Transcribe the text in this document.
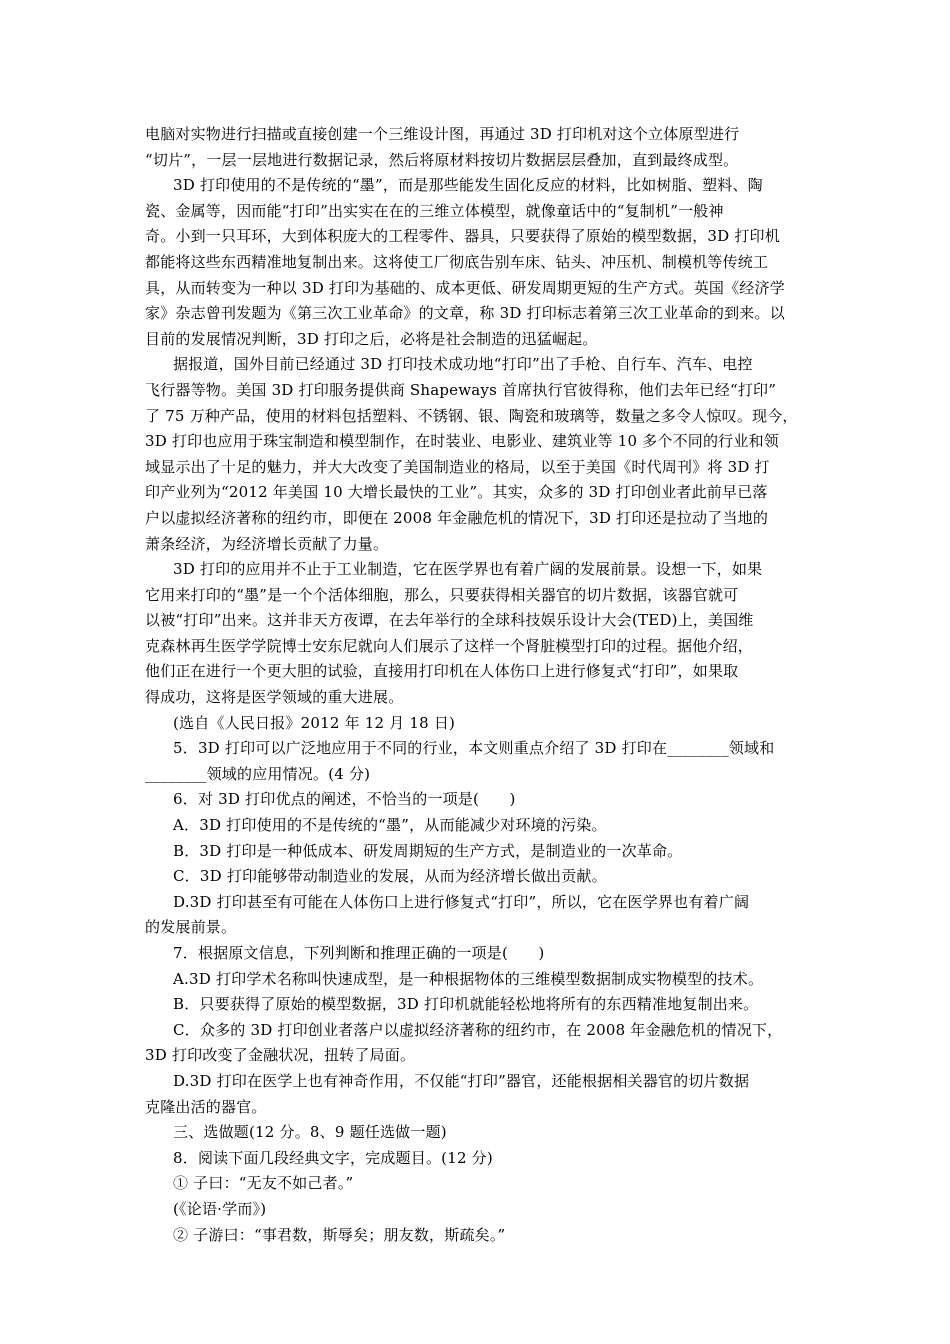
电脑对实物进行扫描或直接创建一个三维设计图，再通过 3D 打印机对这个立体原型进行
“切片”，一层一层地进行数据记录，然后将原材料按切片数据层层叠加，直到最终成型。
3D 打印使用的不是传统的“墨”，而是那些能发生固化反应的材料，比如树脂、塑料、陶
瓷、金属等，因而能“打印”出实实在在的三维立体模型，就像童话中的“复制机”一般神
奇。小到一只耳环，大到体积庞大的工程零件、器具，只要获得了原始的模型数据，3D 打印机
都能将这些东西精准地复制出来。这将使工厂彻底告别车床、钻头、冲压机、制模机等传统工
具，从而转变为一种以 3D 打印为基础的、成本更低、研发周期更短的生产方式。英国《经济学
家》杂志曾刊发题为《第三次工业革命》的文章，称 3D 打印标志着第三次工业革命的到来。以
目前的发展情况判断，3D 打印之后，必将是社会制造的迅猛崛起。
据报道，国外目前已经通过 3D 打印技术成功地“打印”出了手枪、自行车、汽车、电控
飞行器等物。美国 3D 打印服务提供商 Shapeways 首席执行官彼得称，他们去年已经“打印”
了 75 万种产品，使用的材料包括塑料、不锈钢、银、陶瓷和玻璃等，数量之多令人惊叹。现今，
3D 打印也应用于珠宝制造和模型制作，在时装业、电影业、建筑业等 10 多个不同的行业和领
域显示出了十足的魅力，并大大改变了美国制造业的格局，以至于美国《时代周刊》将 3D 打
印产业列为“2012 年美国 10 大增长最快的工业”。其实，众多的 3D 打印创业者此前早已落
户以虚拟经济著称的纽约市，即便在 2008 年金融危机的情况下，3D 打印还是拉动了当地的
萧条经济，为经济增长贡献了力量。
3D 打印的应用并不止于工业制造，它在医学界也有着广阔的发展前景。设想一下，如果
它用来打印的“墨”是一个个活体细胞，那么，只要获得相关器官的切片数据，该器官就可
以被“打印”出来。这并非天方夜谭，在去年举行的全球科技娱乐设计大会(TED)上，美国维
克森林再生医学学院博士安东尼就向人们展示了这样一个肾脏模型打印的过程。据他介绍，
他们正在进行一个更大胆的试验，直接用打印机在人体伤口上进行修复式“打印”，如果取
得成功，这将是医学领域的重大进展。
(选自《人民日报》2012 年 12 月 18 日)
5．3D 打印可以广泛地应用于不同的行业，本文则重点介绍了 3D 打印在________领域和
________领域的应用情况。(4 分)
6．对 3D 打印优点的阐述，不恰当的一项是(　　)
A．3D 打印使用的不是传统的“墨”，从而能减少对环境的污染。
B．3D 打印是一种低成本、研发周期短的生产方式，是制造业的一次革命。
C．3D 打印能够带动制造业的发展，从而为经济增长做出贡献。
D.3D 打印甚至有可能在人体伤口上进行修复式“打印”，所以，它在医学界也有着广阔
的发展前景。
7．根据原文信息，下列判断和推理正确的一项是(　　)
A.3D 打印学术名称叫快速成型，是一种根据物体的三维模型数据制成实物模型的技术。
B．只要获得了原始的模型数据，3D 打印机就能轻松地将所有的东西精准地复制出来。
C．众多的 3D 打印创业者落户以虚拟经济著称的纽约市，在 2008 年金融危机的情况下，
3D 打印改变了金融状况，扭转了局面。
D.3D 打印在医学上也有神奇作用，不仅能“打印”器官，还能根据相关器官的切片数据
克隆出活的器官。
三、选做题(12 分。8、9 题任选做一题)
8．阅读下面几段经典文字，完成题目。(12 分)
① 子曰：“无友不如己者。”
(《论语·学而》)
② 子游曰：“事君数，斯辱矣；朋友数，斯疏矣。”
